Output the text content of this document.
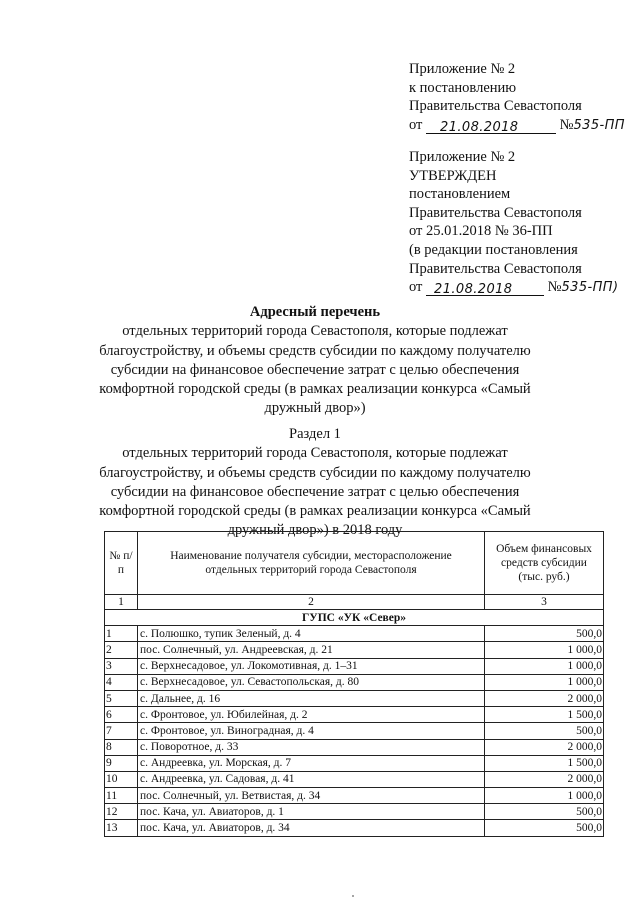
Приложение № 2
к постановлению
Правительства Севастополя
от 21.08.2018	№535-ПП
Приложение № 2
УТВЕРЖДЕН
постановлением
Правительства Севастополя
от 25.01.2018 № 36-ПП
(в редакции постановления
Правительства Севастополя
от 21.08.2018 №535-ПП)
Адресный перечень
отдельных территорий города Севастополя, которые подлежат
благоустройству, и объемы средств субсидии по каждому получателю
субсидии на финансовое обеспечение затрат с целью обеспечения
комфортной городской среды (в рамках реализации конкурса «Самый
дружный двор»)
Раздел 1
отдельных территорий города Севастополя, которые подлежат
благоустройству, и объемы средств субсидии по каждому получателю
субсидии на финансовое обеспечение затрат с целью обеспечения
комфортной городской среды (в рамках реализации конкурса «Самый
дружный двор») в 2018 году
№ п/п	Наименование получателя субсидии, месторасположение отдельных территорий города Севастополя	Объем финансовых средств субсидии (тыс. руб.)
1	2	3
ГУПС «УК «Север»		
1	с. Полюшко, тупик Зеленый, д. 4	500,0
2	пос. Солнечный, ул. Андреевская, д. 21	1 000,0
3	с. Верхнесадовое, ул. Локомотивная, д. 1–31	1 000,0
4	с. Верхнесадовое, ул. Севастопольская, д. 80	1 000,0
5	с. Дальнее, д. 16	2 000,0
6	с. Фронтовое, ул. Юбилейная, д. 2	1 500,0
7	с. Фронтовое, ул. Виноградная, д. 4	500,0
8	с. Поворотное, д. 33	2 000,0
9	с. Андреевка, ул. Морская, д. 7	1 500,0
10	с. Андреевка, ул. Садовая, д. 41	2 000,0
11	пос. Солнечный, ул. Ветвистая, д. 34	1 000,0
12	пос. Кача, ул. Авиаторов, д. 1	500,0
13	пос. Кача, ул. Авиаторов, д. 34	500,0
